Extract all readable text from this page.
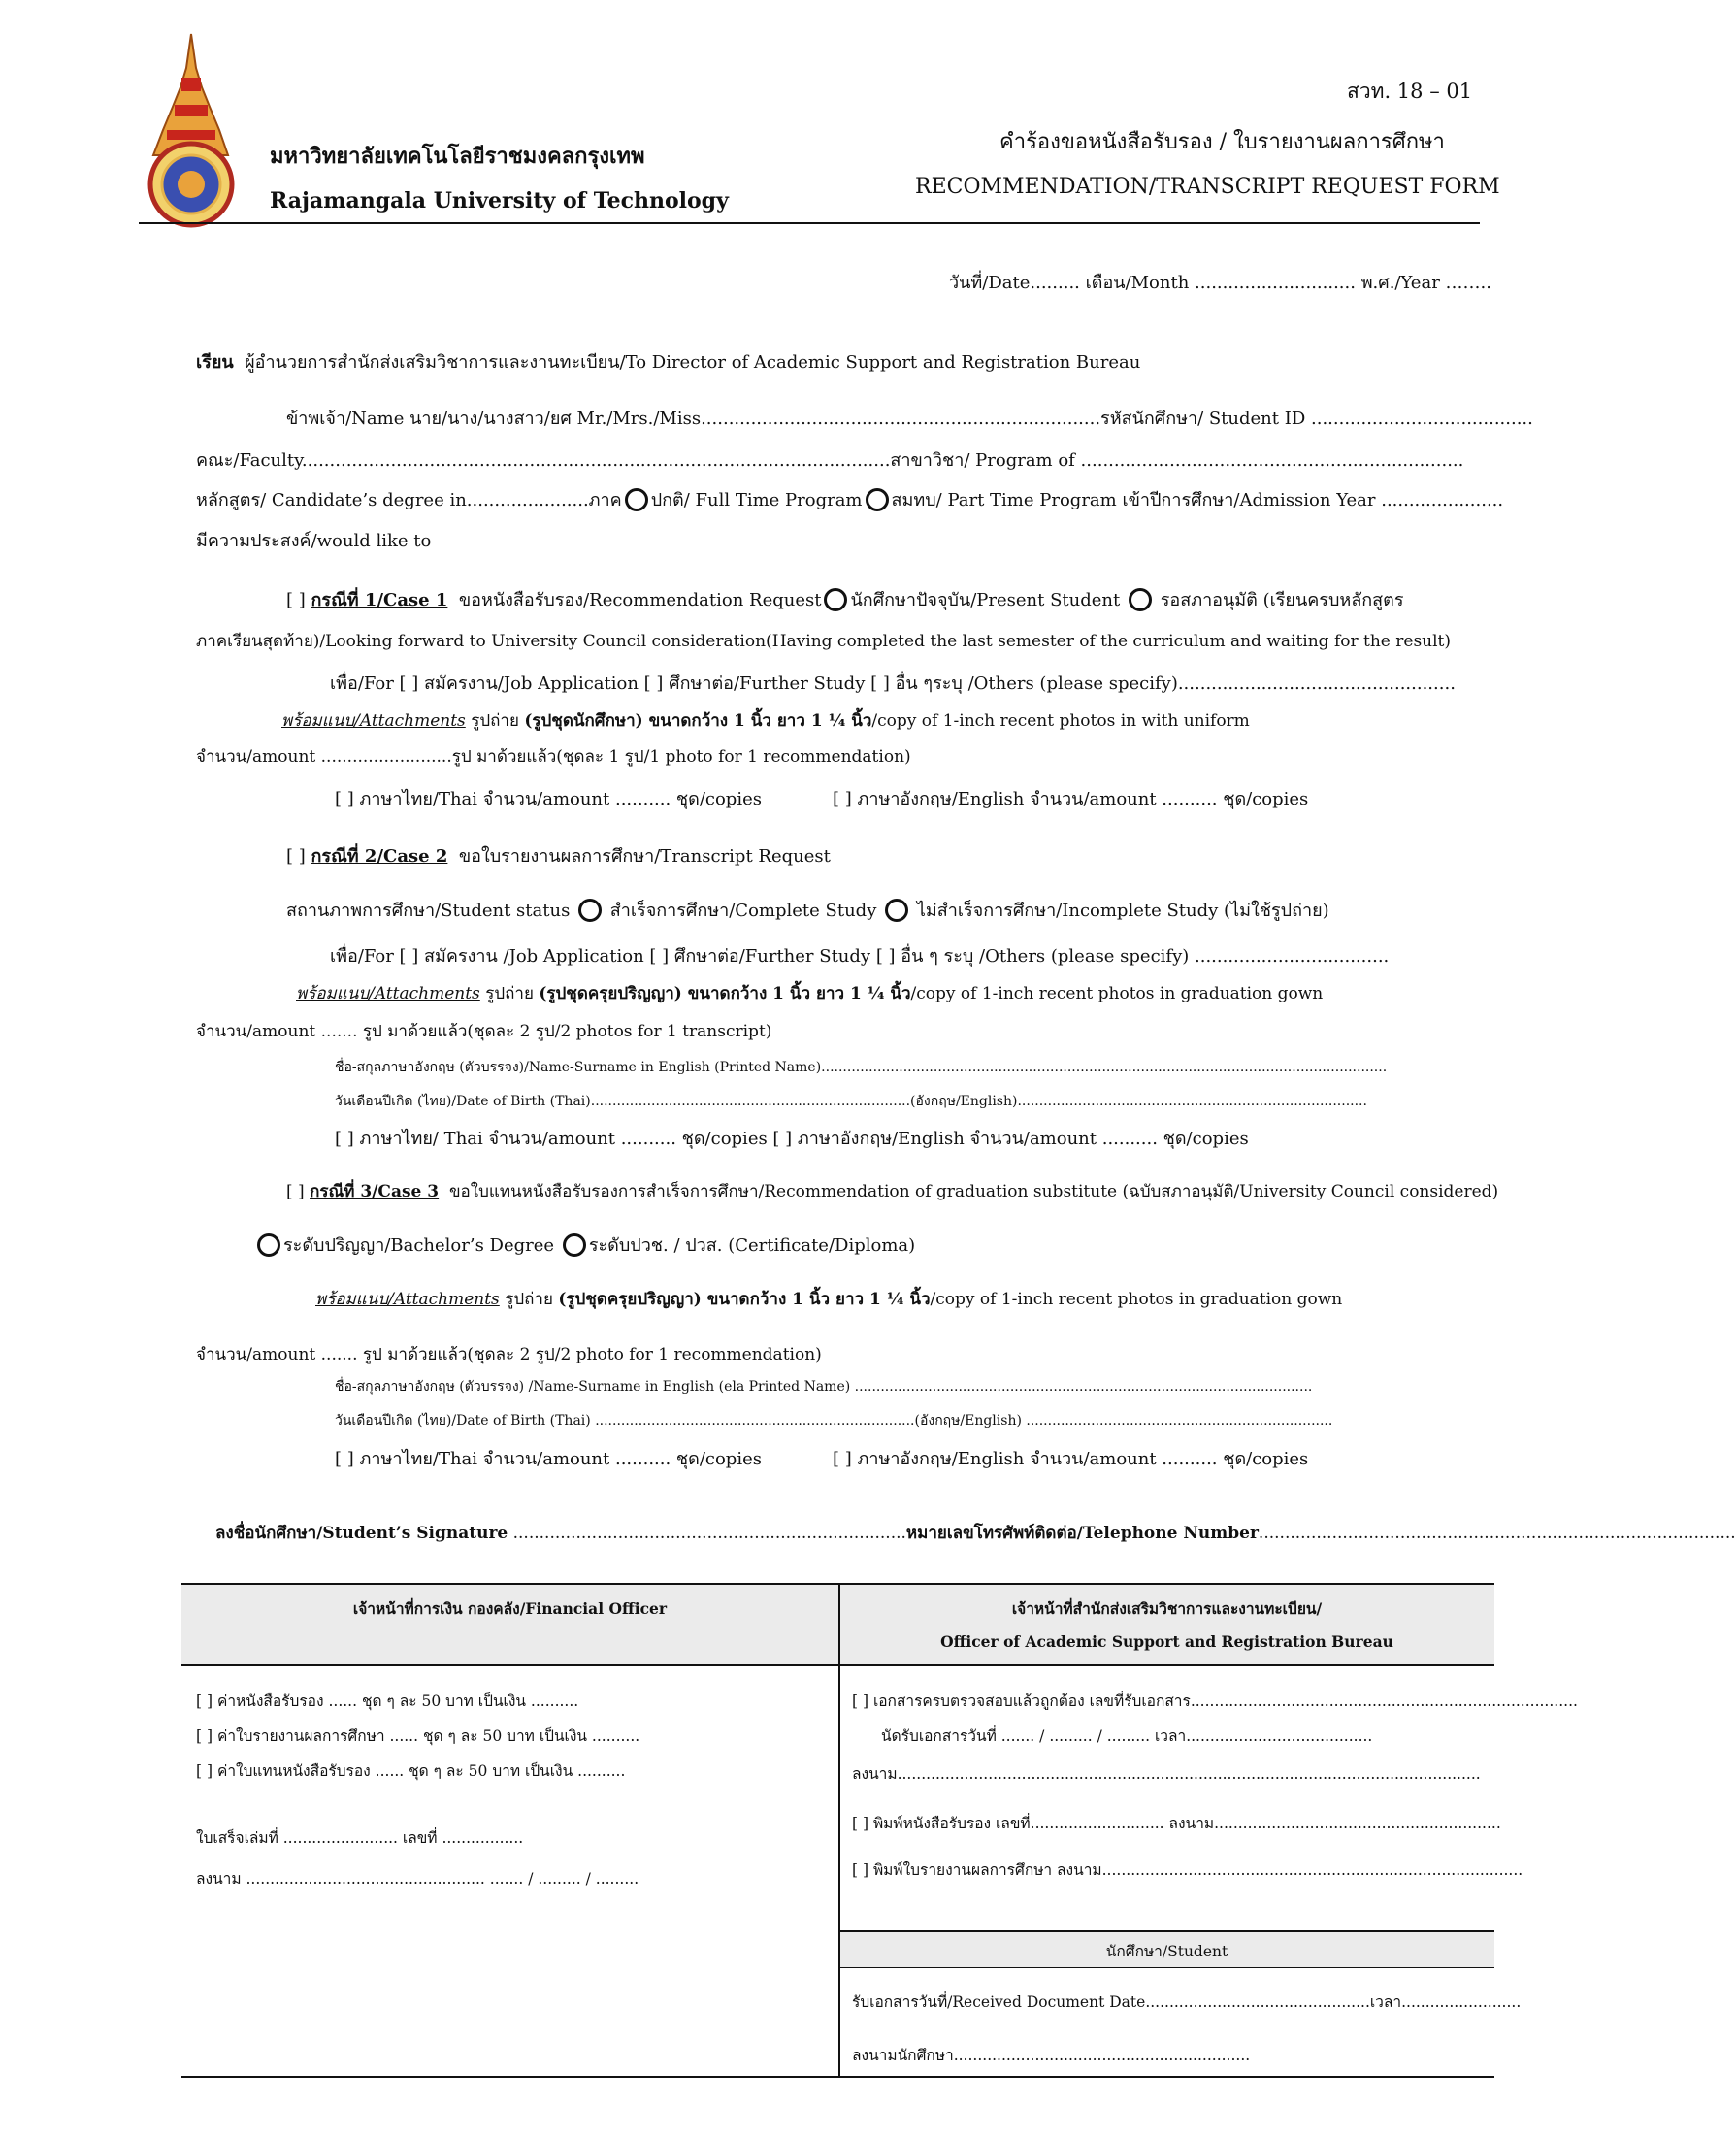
สวท. 18 – 01
มหาวิทยาลัยเทคโนโลยีราชมงคลกรุงเทพ
Rajamangala University of Technology
คำร้องขอหนังสือรับรอง / ใบรายงานผลการศึกษา
RECOMMENDATION/TRANSCRIPT REQUEST FORM
วันที่/Date......... เดือน/Month ............................. พ.ศ./Year ……..
เรียน ผู้อำนวยการสำนักส่งเสริมวิชาการและงานทะเบียน/To Director of Academic Support and Registration Bureau
ข้าพเจ้า/Name นาย/นาง/นางสาว/ยศ Mr./Mrs./Miss........................................................................รหัสนักศึกษา/ Student ID ........................................
คณะ/Faculty..........................................................................................................สาขาวิชา/ Program of .....................................................................
หลักสูตร/ Candidate’s degree in......................ภาค ปกติ/ Full Time Program สมทบ/ Part Time Program เข้าปีการศึกษา/Admission Year ......................
มีความประสงค์/would like to
[ ] กรณีที่ 1/Case 1 ขอหนังสือรับรอง/Recommendation Request นักศึกษาปัจจุบัน/Present Student รอสภาอนุมัติ (เรียนครบหลักสูตร
ภาคเรียนสุดท้าย)/Looking forward to University Council consideration(Having completed the last semester of the curriculum and waiting for the result)
เพื่อ/For [ ] สมัครงาน/Job Application [ ] ศึกษาต่อ/Further Study [ ] อื่น ๆระบุ /Others (please specify)..................................................
พร้อมแนบ/Attachments รูปถ่าย (รูปชุดนักศึกษา) ขนาดกว้าง 1 นิ้ว ยาว 1 ¼ นิ้ว/copy of 1-inch recent photos in with uniform
จำนวน/amount .........................รูป มาด้วยแล้ว(ชุดละ 1 รูป/1 photo for 1 recommendation)
[ ] ภาษาไทย/Thai จำนวน/amount .......... ชุด/copies	[ ] ภาษาอังกฤษ/English จำนวน/amount .......... ชุด/copies
[ ] กรณีที่ 2/Case 2 ขอใบรายงานผลการศึกษา/Transcript Request
สถานภาพการศึกษา/Student status สำเร็จการศึกษา/Complete Study ไม่สำเร็จการศึกษา/Incomplete Study (ไม่ใช้รูปถ่าย)
เพื่อ/For [ ] สมัครงาน /Job Application [ ] ศึกษาต่อ/Further Study [ ] อื่น ๆ ระบุ /Others (please specify) ...................................
พร้อมแนบ/Attachments รูปถ่าย (รูปชุดครุยปริญญา) ขนาดกว้าง 1 นิ้ว ยาว 1 ¼ นิ้ว/copy of 1-inch recent photos in graduation gown
จำนวน/amount ....... รูป มาด้วยแล้ว(ชุดละ 2 รูป/2 photos for 1 transcript)
ชื่อ-สกุลภาษาอังกฤษ (ตัวบรรจง)/Name-Surname in English (Printed Name)...................................................................................................................................
วันเดือนปีเกิด (ไทย)/Date of Birth (Thai)..........................................................................(อังกฤษ/English).................................................................................
[ ] ภาษาไทย/ Thai จำนวน/amount .......... ชุด/copies [ ] ภาษาอังกฤษ/English จำนวน/amount .......... ชุด/copies
[ ] กรณีที่ 3/Case 3 ขอใบแทนหนังสือรับรองการสำเร็จการศึกษา/Recommendation of graduation substitute (ฉบับสภาอนุมัติ/University Council considered)
ระดับปริญญา/Bachelor’s Degree ระดับปวช. / ปวส. (Certificate/Diploma)
พร้อมแนบ/Attachments รูปถ่าย (รูปชุดครุยปริญญา) ขนาดกว้าง 1 นิ้ว ยาว 1 ¼ นิ้ว/copy of 1-inch recent photos in graduation gown
จำนวน/amount ....... รูป มาด้วยแล้ว(ชุดละ 2 รูป/2 photo for 1 recommendation)
ชื่อ-สกุลภาษาอังกฤษ (ตัวบรรจง) /Name-Surname in English (ela Printed Name) ..........................................................................................................
วันเดือนปีเกิด (ไทย)/Date of Birth (Thai) ..........................................................................(อังกฤษ/English) .......................................................................
[ ] ภาษาไทย/Thai จำนวน/amount .......... ชุด/copies	[ ] ภาษาอังกฤษ/English จำนวน/amount .......... ชุด/copies
ลงชื่อนักศึกษา/Student’s Signature ...........................................................................หมายเลขโทรศัพท์ติดต่อ/Telephone Number...........................................................................................
เจ้าหน้าที่การเงิน กองคลัง/Financial Officer	เจ้าหน้าที่สำนักส่งเสริมวิชาการและงานทะเบียน/
Officer of Academic Support and Registration Bureau
[ ] ค่าหนังสือรับรอง ...... ชุด ๆ ละ 50 บาท เป็นเงิน ..........
[ ] ค่าใบรายงานผลการศึกษา ...... ชุด ๆ ละ 50 บาท เป็นเงิน ..........
[ ] ค่าใบแทนหนังสือรับรอง ...... ชุด ๆ ละ 50 บาท เป็นเงิน ..........
ใบเสร็จเล่มที่ ........................ เลขที่ .................
ลงนาม .................................................. ....... / ......... / .........
[ ] เอกสารครบตรวจสอบแล้วถูกต้อง เลขที่รับเอกสาร.................................................................................
นัดรับเอกสารวันที่ ....... / ......... / ......... เวลา.......................................
ลงนาม..........................................................................................................................
[ ] พิมพ์หนังสือรับรอง เลขที่............................ ลงนาม............................................................
[ ] พิมพ์ใบรายงานผลการศึกษา ลงนาม........................................................................................
นักศึกษา/Student
รับเอกสารวันที่/Received Document Date...............................................เวลา.........................
ลงนามนักศึกษา..............................................................
